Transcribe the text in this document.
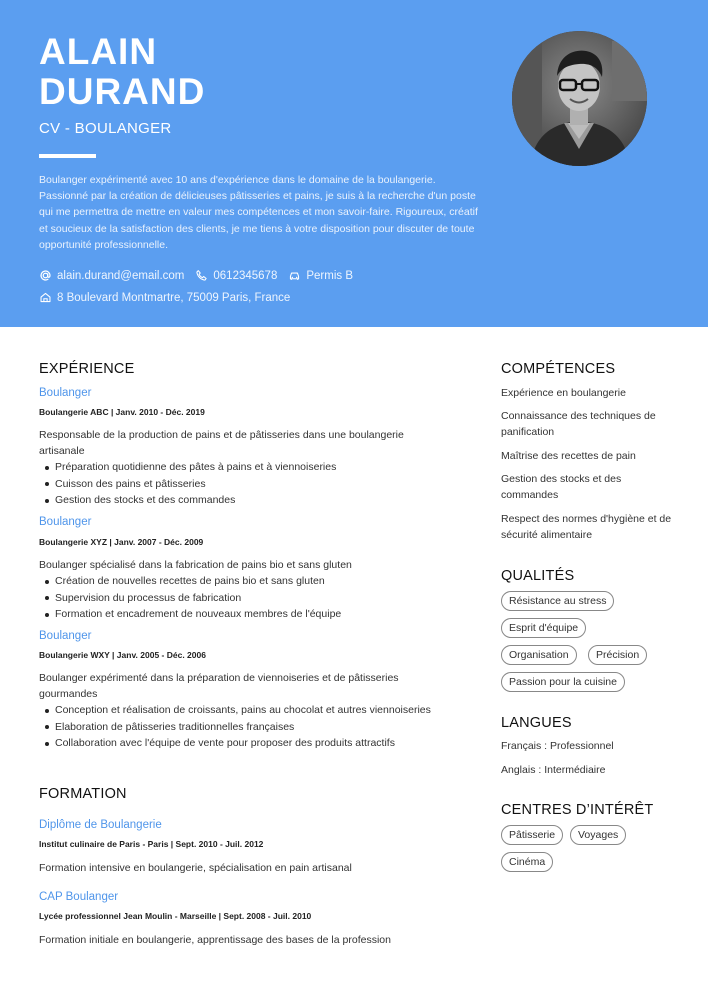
ALAIN
DURAND
CV - BOULANGER
Boulanger expérimenté avec 10 ans d'expérience dans le domaine de la boulangerie. Passionné par la création de délicieuses pâtisseries et pains, je suis à la recherche d'un poste qui me permettra de mettre en valeur mes compétences et mon savoir-faire. Rigoureux, créatif et soucieux de la satisfaction des clients, je me tiens à votre disposition pour discuter de toute opportunité professionnelle.
alain.durand@email.com	0612345678	Permis B
8 Boulevard Montmartre, 75009 Paris, France
EXPÉRIENCE
Boulanger
Boulangerie ABC | Janv. 2010 - Déc. 2019
Responsable de la production de pains et de pâtisseries dans une boulangerie artisanale
Préparation quotidienne des pâtes à pains et à viennoiseries
Cuisson des pains et pâtisseries
Gestion des stocks et des commandes
Boulanger
Boulangerie XYZ | Janv. 2007 - Déc. 2009
Boulanger spécialisé dans la fabrication de pains bio et sans gluten
Création de nouvelles recettes de pains bio et sans gluten
Supervision du processus de fabrication
Formation et encadrement de nouveaux membres de l'équipe
Boulanger
Boulangerie WXY | Janv. 2005 - Déc. 2006
Boulanger expérimenté dans la préparation de viennoiseries et de pâtisseries gourmandes
Conception et réalisation de croissants, pains au chocolat et autres viennoiseries
Elaboration de pâtisseries traditionnelles françaises
Collaboration avec l'équipe de vente pour proposer des produits attractifs
FORMATION
Diplôme de Boulangerie
Institut culinaire de Paris - Paris | Sept. 2010 - Juil. 2012
Formation intensive en boulangerie, spécialisation en pain artisanal
CAP Boulanger
Lycée professionnel Jean Moulin - Marseille | Sept. 2008 - Juil. 2010
Formation initiale en boulangerie, apprentissage des bases de la profession
COMPÉTENCES
Expérience en boulangerie
Connaissance des techniques de panification
Maîtrise des recettes de pain
Gestion des stocks et des commandes
Respect des normes d'hygiène et de sécurité alimentaire
QUALITÉS
Résistance au stress
Esprit d'équipe
Organisation	Précision
Passion pour la cuisine
LANGUES
Français : Professionnel
Anglais : Intermédiaire
CENTRES D’INTÉRÊT
Pâtisserie	Voyages
Cinéma
